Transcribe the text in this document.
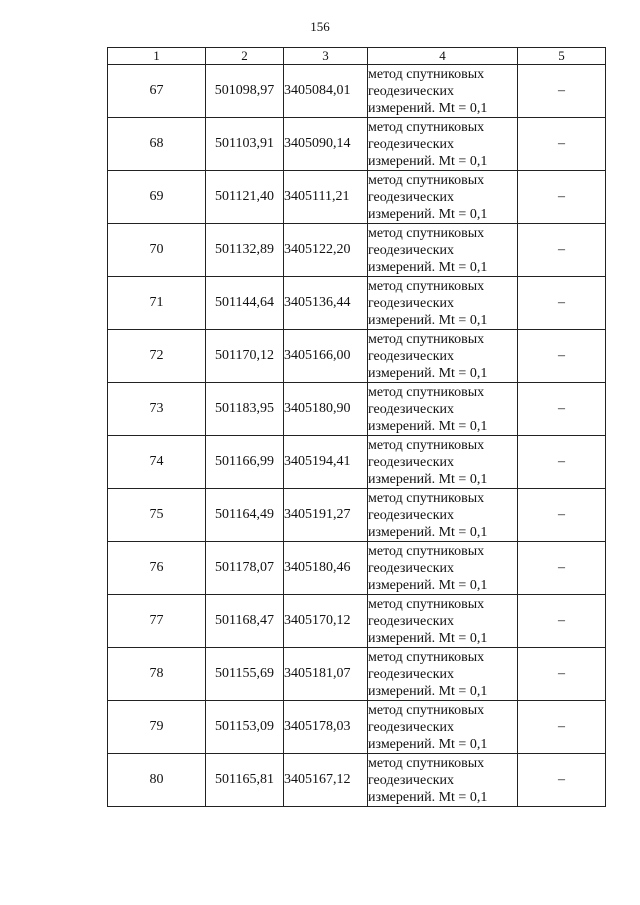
156
1	2	3	4	5
67	501098,97	3405084,01	метод спутниковых
геодезических
измерений. Mt = 0,1	–
68	501103,91	3405090,14	метод спутниковых
геодезических
измерений. Mt = 0,1	–
69	501121,40	3405111,21	метод спутниковых
геодезических
измерений. Mt = 0,1	–
70	501132,89	3405122,20	метод спутниковых
геодезических
измерений. Mt = 0,1	–
71	501144,64	3405136,44	метод спутниковых
геодезических
измерений. Mt = 0,1	–
72	501170,12	3405166,00	метод спутниковых
геодезических
измерений. Mt = 0,1	–
73	501183,95	3405180,90	метод спутниковых
геодезических
измерений. Mt = 0,1	–
74	501166,99	3405194,41	метод спутниковых
геодезических
измерений. Mt = 0,1	–
75	501164,49	3405191,27	метод спутниковых
геодезических
измерений. Mt = 0,1	–
76	501178,07	3405180,46	метод спутниковых
геодезических
измерений. Mt = 0,1	–
77	501168,47	3405170,12	метод спутниковых
геодезических
измерений. Mt = 0,1	–
78	501155,69	3405181,07	метод спутниковых
геодезических
измерений. Mt = 0,1	–
79	501153,09	3405178,03	метод спутниковых
геодезических
измерений. Mt = 0,1	–
80	501165,81	3405167,12	метод спутниковых
геодезических
измерений. Mt = 0,1	–
